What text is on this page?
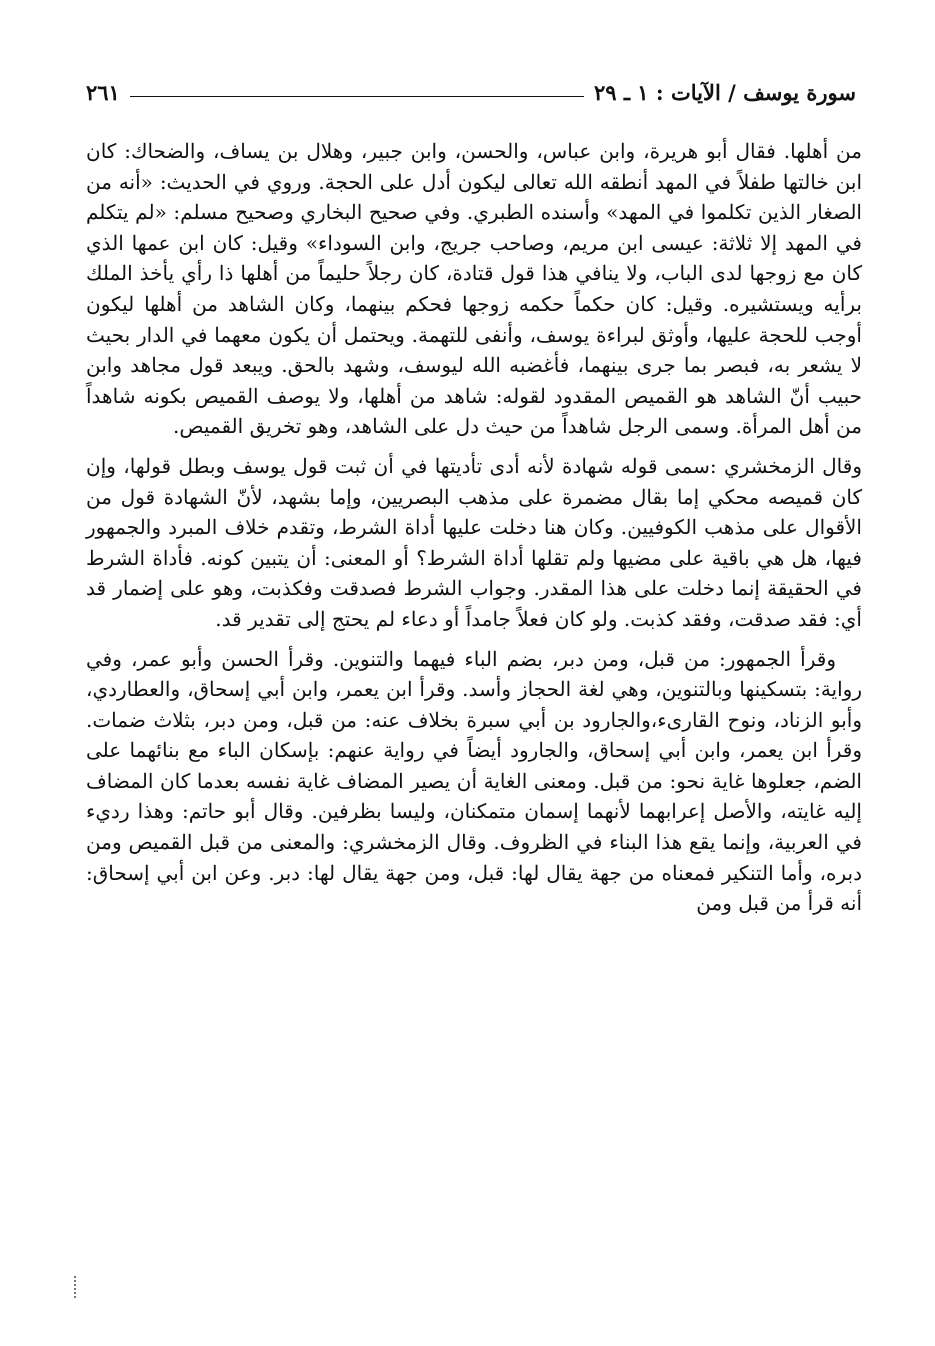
سورة يوسف / الآيات : ١ ـ ٢٩
٢٦١

من أهلها. فقال أبو هريرة، وابن عباس، والحسن، وابن جبير، وهلال بن يساف، والضحاك: كان ابن خالتها طفلاً في المهد أنطقه الله تعالى ليكون أدل على الحجة. وروي في الحديث: «أنه من الصغار الذين تكلموا في المهد» وأسنده الطبري. وفي صحيح البخاري وصحيح مسلم: «لم يتكلم في المهد إلا ثلاثة: عيسى ابن مريم، وصاحب جريج، وابن السوداء» وقيل: كان ابن عمها الذي كان مع زوجها لدى الباب، ولا ينافي هذا قول قتادة، كان رجلاً حليماً من أهلها ذا رأي يأخذ الملك برأيه ويستشيره. وقيل: كان حكماً حكمه زوجها فحكم بينهما، وكان الشاهد من أهلها ليكون أوجب للحجة عليها، وأوثق لبراءة يوسف، وأنفى للتهمة. ويحتمل أن يكون معهما في الدار بحيث لا يشعر به، فبصر بما جرى بينهما، فأغضبه الله ليوسف، وشهد بالحق. ويبعد قول مجاهد وابن حبيب أنّ الشاهد هو القميص المقدود لقوله: شاهد من أهلها، ولا يوصف القميص بكونه شاهداً من أهل المرأة. وسمى الرجل شاهداً من حيث دل على الشاهد، وهو تخريق القميص.

وقال الزمخشري :سمى قوله شهادة لأنه أدى تأديتها في أن ثبت قول يوسف وبطل قولها، وإن كان قميصه محكي إما بقال مضمرة على مذهب البصريين، وإما بشهد، لأنّ الشهادة قول من الأقوال على مذهب الكوفيين. وكان هنا دخلت عليها أداة الشرط، وتقدم خلاف المبرد والجمهور فيها، هل هي باقية على مضيها ولم تقلها أداة الشرط؟ أو المعنى: أن يتبين كونه. فأداة الشرط في الحقيقة إنما دخلت على هذا المقدر. وجواب الشرط فصدقت وفكذبت، وهو على إضمار قد أي: فقد صدقت، وفقد كذبت. ولو كان فعلاً جامداً أو دعاء لم يحتج إلى تقدير قد.

وقرأ الجمهور: من قبل، ومن دبر، بضم الباء فيهما والتنوين. وقرأ الحسن وأبو عمر، وفي رواية: بتسكينها وبالتنوين، وهي لغة الحجاز وأسد. وقرأ ابن يعمر، وابن أبي إسحاق، والعطاردي، وأبو الزناد، ونوح القارىء،والجارود بن أبي سبرة بخلاف عنه: من قبل، ومن دبر، بثلاث ضمات. وقرأ ابن يعمر، وابن أبي إسحاق، والجارود أيضاً في رواية عنهم: بإسكان الباء مع بنائهما على الضم، جعلوها غاية نحو: من قبل. ومعنى الغاية أن يصير المضاف غاية نفسه بعدما كان المضاف إليه غايته، والأصل إعرابهما لأنهما إسمان متمكنان، وليسا بظرفين. وقال أبو حاتم: وهذا رديء في العربية، وإنما يقع هذا البناء في الظروف. وقال الزمخشري: والمعنى من قبل القميص ومن دبره، وأما التنكير فمعناه من جهة يقال لها: قبل، ومن جهة يقال لها: دبر. وعن ابن أبي إسحاق: أنه قرأ من قبل ومن
